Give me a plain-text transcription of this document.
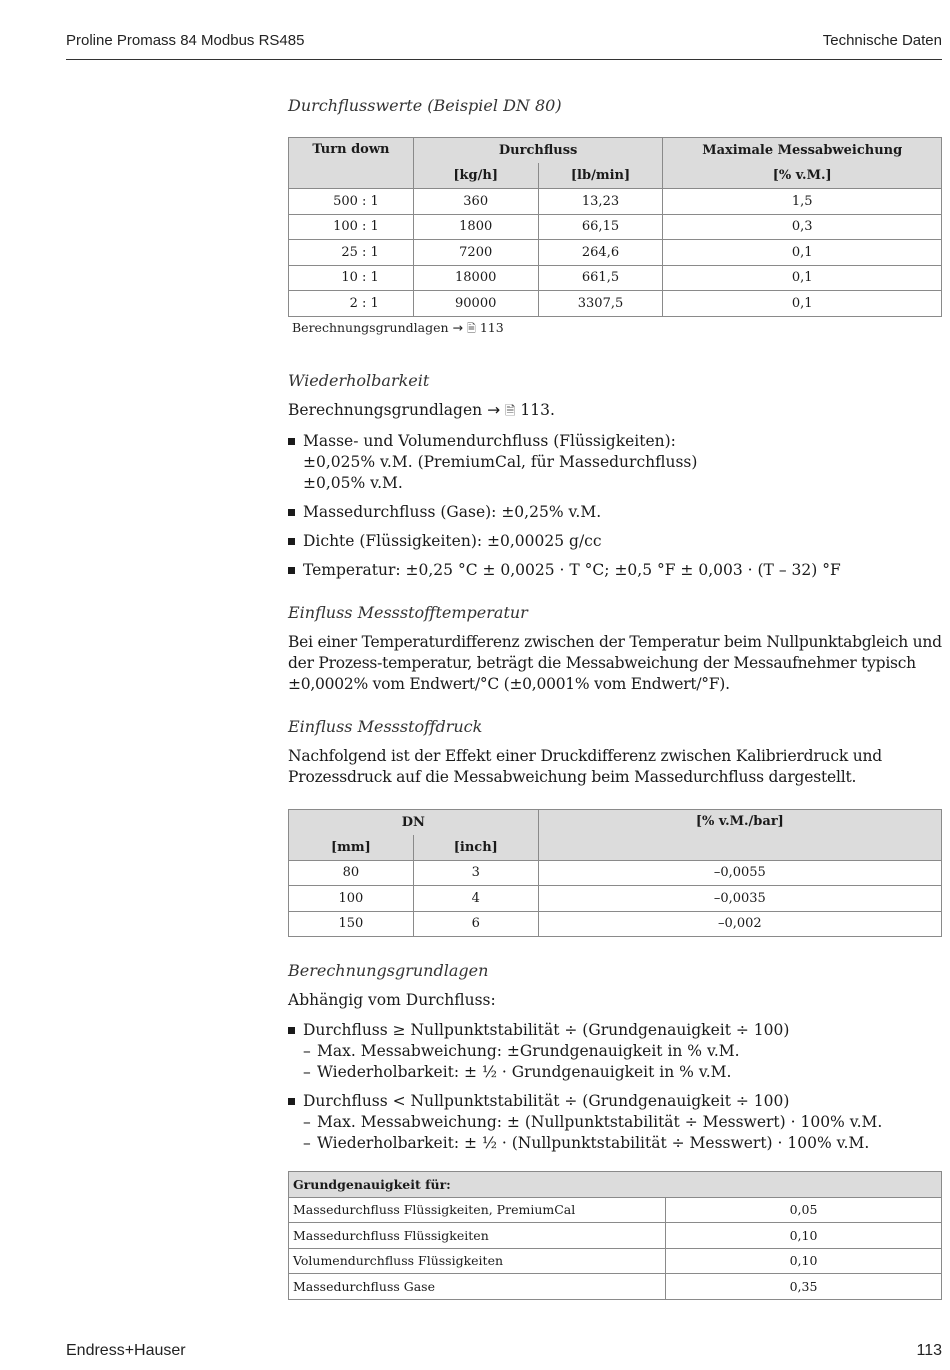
Proline Promass 84 Modbus RS485	Technische Daten
Durchflusswerte (Beispiel DN 80)
Turn down	Durchfluss		Maximale Messabweichung
	[kg/h]	[lb/min]	[% v.M.]
500 : 1	360	13,23	1,5
100 : 1	1800	66,15	0,3
25 : 1	7200	264,6	0,1
10 : 1	18000	661,5	0,1
2 : 1	90000	3307,5	0,1
Berechnungsgrundlagen → 🗎 113
Wiederholbarkeit

Berechnungsgrundlagen → 🗎 113.

Masse- und Volumendurchfluss (Flüssigkeiten):
±0,025% v.M. (PremiumCal, für Massedurchfluss)
±0,05% v.M.
Massedurchfluss (Gase): ±0,25% v.M.
Dichte (Flüssigkeiten): ±0,00025 g/cc
Temperatur: ±0,25 °C ± 0,0025 · T °C; ±0,5 °F ± 0,003 · (T – 32) °F
Einfluss Messstofftemperatur

Bei einer Temperaturdifferenz zwischen der Temperatur beim Nullpunktabgleich und der Prozess-temperatur, beträgt die Messabweichung der Messaufnehmer typisch ±0,0002% vom Endwert/°C (±0,0001% vom Endwert/°F).

Einfluss Messstoffdruck

Nachfolgend ist der Effekt einer Druckdifferenz zwischen Kalibrierdruck und Prozessdruck auf die Messabweichung beim Massedurchfluss dargestellt.

DN		[% v.M./bar]
[mm]	[inch]	
80	3	–0,0055
100	4	–0,0035
150	6	–0,002
Berechnungsgrundlagen

Abhängig vom Durchfluss:

Durchfluss ≥ Nullpunktstabilität ÷ (Grundgenauigkeit ÷ 100)
– Max. Messabweichung: ±Grundgenauigkeit in % v.M.
– Wiederholbarkeit: ± ½ · Grundgenauigkeit in % v.M.
Durchfluss < Nullpunktstabilität ÷ (Grundgenauigkeit ÷ 100)
– Max. Messabweichung: ± (Nullpunktstabilität ÷ Messwert) · 100% v.M.
– Wiederholbarkeit: ± ½ · (Nullpunktstabilität ÷ Messwert) · 100% v.M.
Grundgenauigkeit für:	
Massedurchfluss Flüssigkeiten, PremiumCal	0,05
Massedurchfluss Flüssigkeiten	0,10
Volumendurchfluss Flüssigkeiten	0,10
Massedurchfluss Gase	0,35
Endress+Hauser	113
